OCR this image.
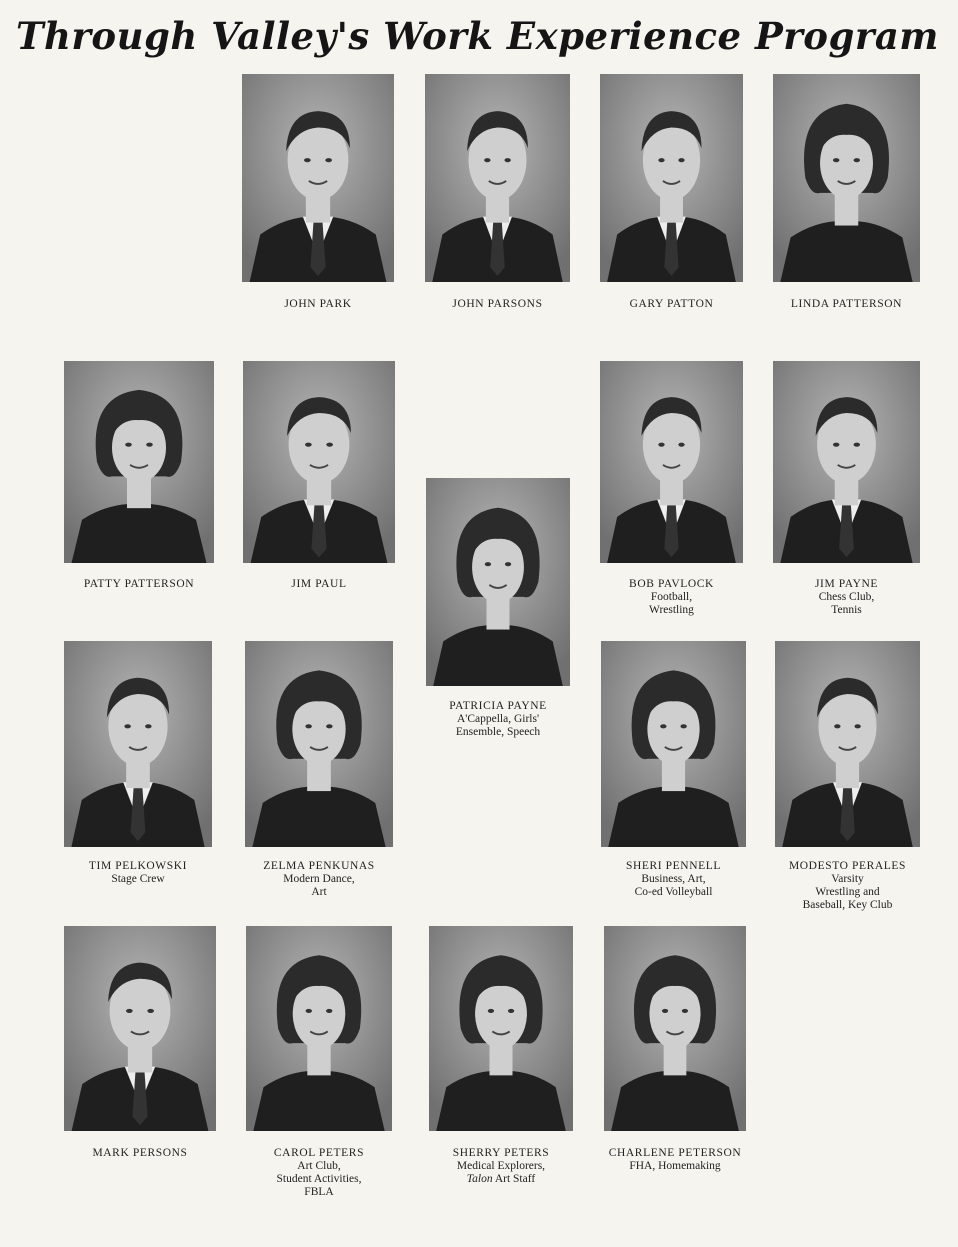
Through Valley's Work Experience Program
JOHN PARK	JOHN PARSONS	GARY PATTON	LINDA PATTERSON
PATTY PATTERSON	JIM PAUL
PATRICIA PAYNE
A'Cappella, Girls'
Ensemble, Speech
BOB PAVLOCK
Football,
Wrestling
JIM PAYNE
Chess Club,
Tennis
TIM PELKOWSKI
Stage Crew
ZELMA PENKUNAS
Modern Dance,
Art
SHERI PENNELL
Business, Art,
Co-ed Volleyball
MODESTO PERALES
Varsity
Wrestling and
Baseball, Key Club
MARK PERSONS	CAROL PETERS
Art Club,
Student Activities,
FBLA
SHERRY PETERS
Medical Explorers,
Talon Art Staff
CHARLENE PETERSON
FHA, Homemaking
